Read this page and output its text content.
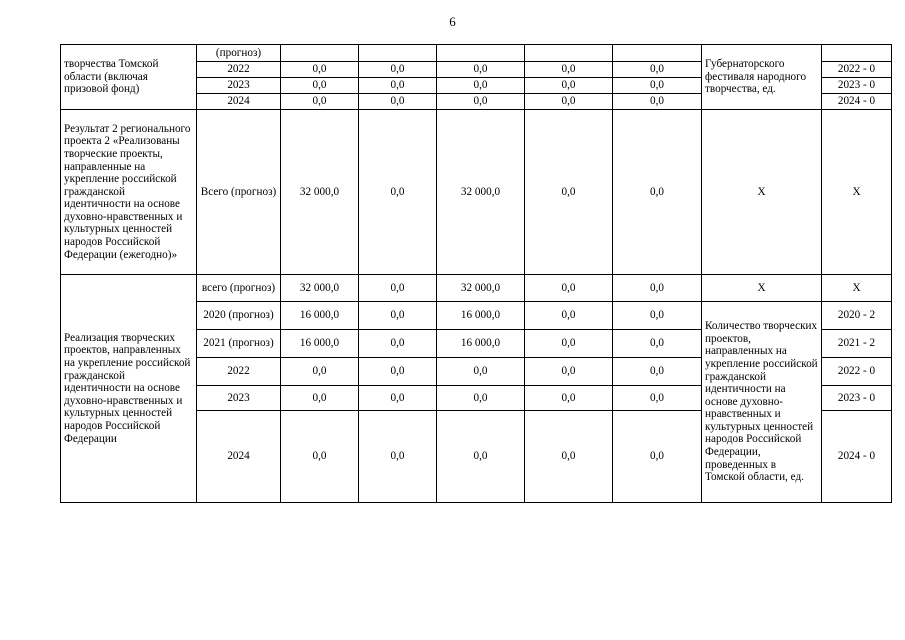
6
творчества Томской области (включая призовой фонд)	(прогноз)						Губернаторского фестиваля народного творчества, ед.	
	2022	0,0	0,0	0,0	0,0	0,0		2022 - 0
	2023	0,0	0,0	0,0	0,0	0,0		2023 - 0
	2024	0,0	0,0	0,0	0,0	0,0		2024 - 0
Результат 2 регионального проекта 2 «Реализованы творческие проекты, направленные на укрепление российской гражданской идентичности на основе духовно-нравственных и культурных ценностей народов Российской Федерации (ежегодно)»	Всего (прогноз)	32 000,0	0,0	32 000,0	0,0	0,0	Х	Х
Реализация творческих проектов, направленных на укрепление российской гражданской идентичности на основе духовно-нравственных и культурных ценностей народов Российской Федерации	всего (прогноз)	32 000,0	0,0	32 000,0	0,0	0,0	Х	Х
	2020 (прогноз)	16 000,0	0,0	16 000,0	0,0	0,0	Количество творческих проектов, направленных на укрепление российской гражданской идентичности на основе духовно-нравственных и культурных ценностей народов Российской Федерации, проведенных в Томской области, ед.	2020 - 2
	2021 (прогноз)	16 000,0	0,0	16 000,0	0,0	0,0		2021 - 2
	2022	0,0	0,0	0,0	0,0	0,0		2022 - 0
	2023	0,0	0,0	0,0	0,0	0,0		2023 - 0
	2024	0,0	0,0	0,0	0,0	0,0		2024 - 0
